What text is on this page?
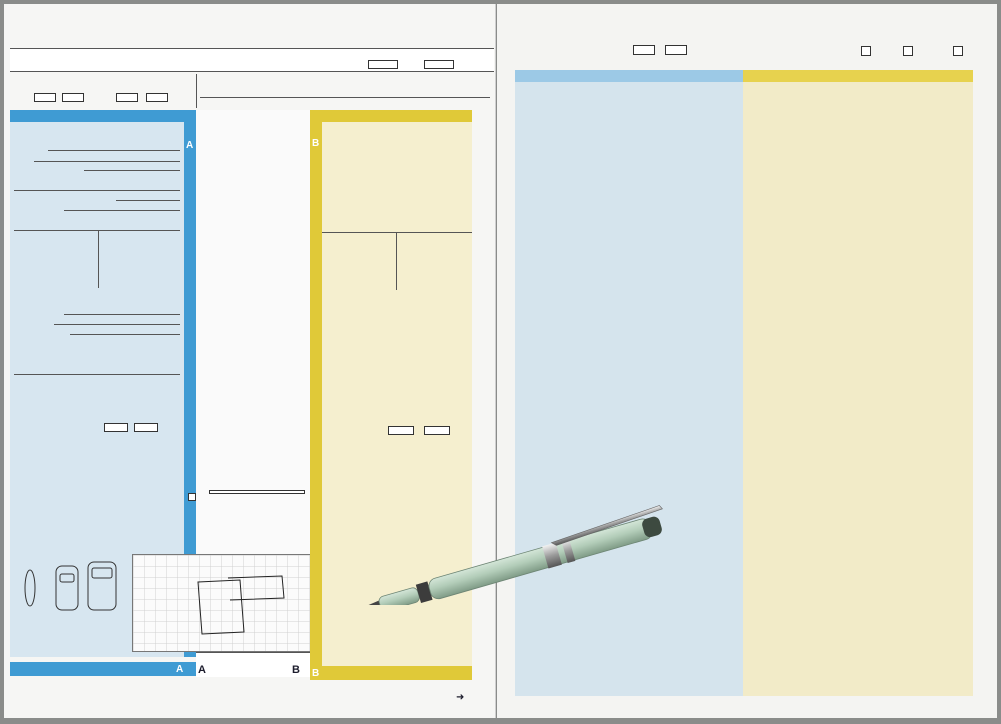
A
A A	B
B
B
➜
